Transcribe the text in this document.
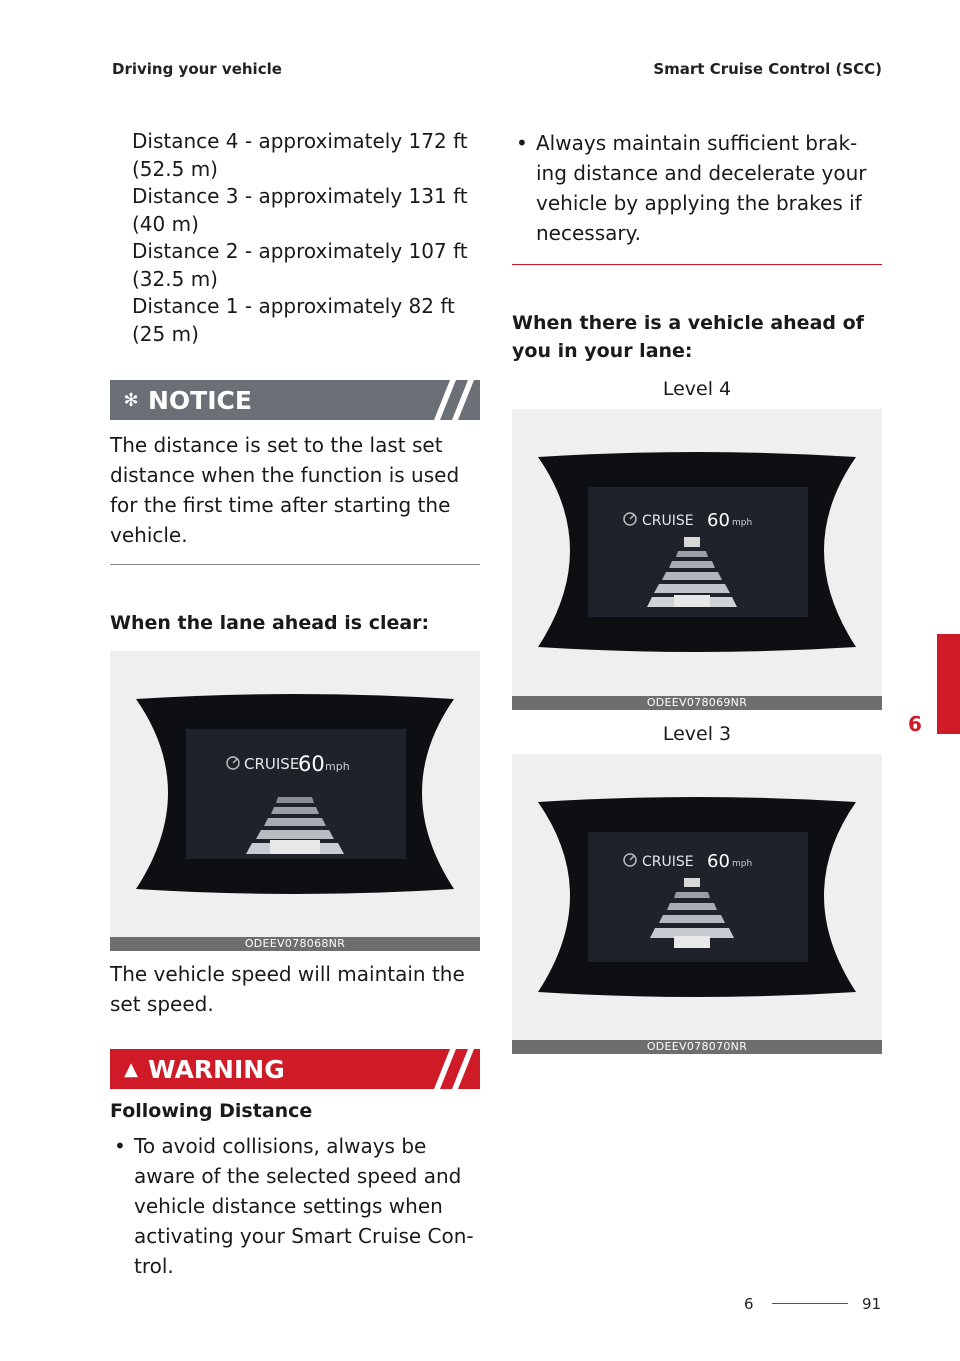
Driving your vehicle	Smart Cruise Control (SCC)
Distance 4 - approximately 172 ft
(52.5 m)
Distance 3 - approximately 131 ft
(40 m)
Distance 2 - approximately 107 ft
(32.5 m)
Distance 1 - approximately 82 ft
(25 m)
✻ NOTICE

The distance is set to the last set distance when the function is used for the first time after starting the vehicle.

When the lane ahead is clear:

CRUISE
60 mph
ODEEV078068NR

The vehicle speed will maintain the set speed.

▲ WARNING

Following Distance

• To avoid collisions, always be aware of the selected speed and vehicle distance settings when activating your Smart Cruise Con-trol.
• Always maintain sufficient brak-ing distance and decelerate your vehicle by applying the brakes if necessary.

When there is a vehicle ahead of you in your lane:

Level 4
CRUISE 60 mph
ODEEV078069NR
Level 3
CRUISE 60 mph
ODEEV078070NR
6
6	91
